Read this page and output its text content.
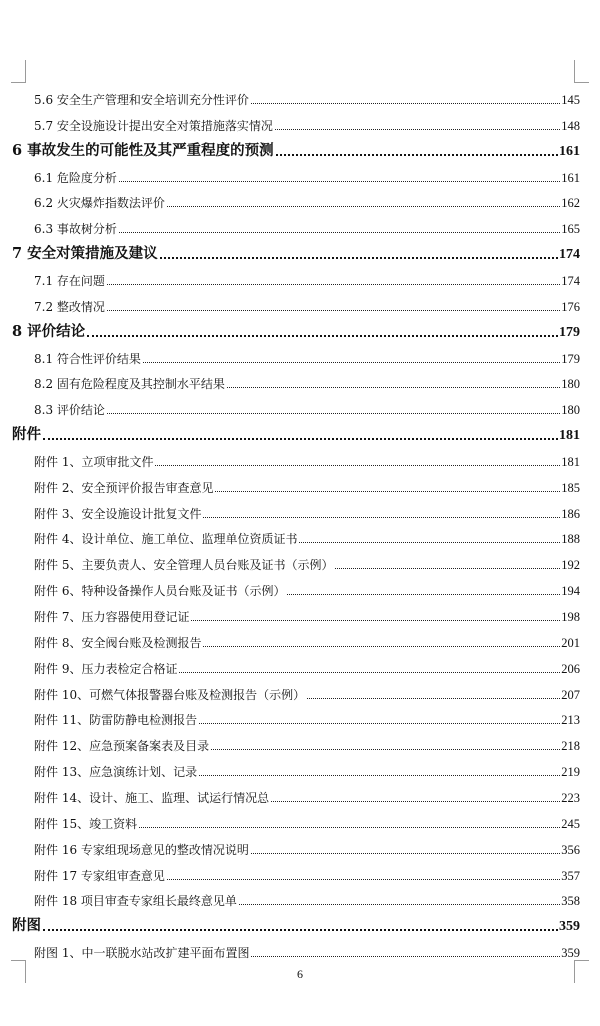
5.6 安全生产管理和安全培训充分性评价	145
5.7 安全设施设计提出安全对策措施落实情况	148
6 事故发生的可能性及其严重程度的预测	161
6.1 危险度分析	161
6.2 火灾爆炸指数法评价	162
6.3 事故树分析	165
7 安全对策措施及建议	174
7.1 存在问题	174
7.2 整改情况	176
8 评价结论	179
8.1 符合性评价结果	179
8.2 固有危险程度及其控制水平结果	180
8.3 评价结论	180
附件	181
附件 1、立项审批文件	181
附件 2、安全预评价报告审查意见	185
附件 3、安全设施设计批复文件	186
附件 4、设计单位、施工单位、监理单位资质证书	188
附件 5、主要负责人、安全管理人员台账及证书（示例）	192
附件 6、特种设备操作人员台账及证书（示例）	194
附件 7、压力容器使用登记证	198
附件 8、安全阀台账及检测报告	201
附件 9、压力表检定合格证	206
附件 10、可燃气体报警器台账及检测报告（示例）	207
附件 11、防雷防静电检测报告	213
附件 12、应急预案备案表及目录	218
附件 13、应急演练计划、记录	219
附件 14、设计、施工、监理、试运行情况总	223
附件 15、竣工资料	245
附件 16 专家组现场意见的整改情况说明	356
附件 17 专家组审查意见	357
附件 18 项目审查专家组长最终意见单	358
附图	359
附图 1、中一联脱水站改扩建平面布置图	359
6
